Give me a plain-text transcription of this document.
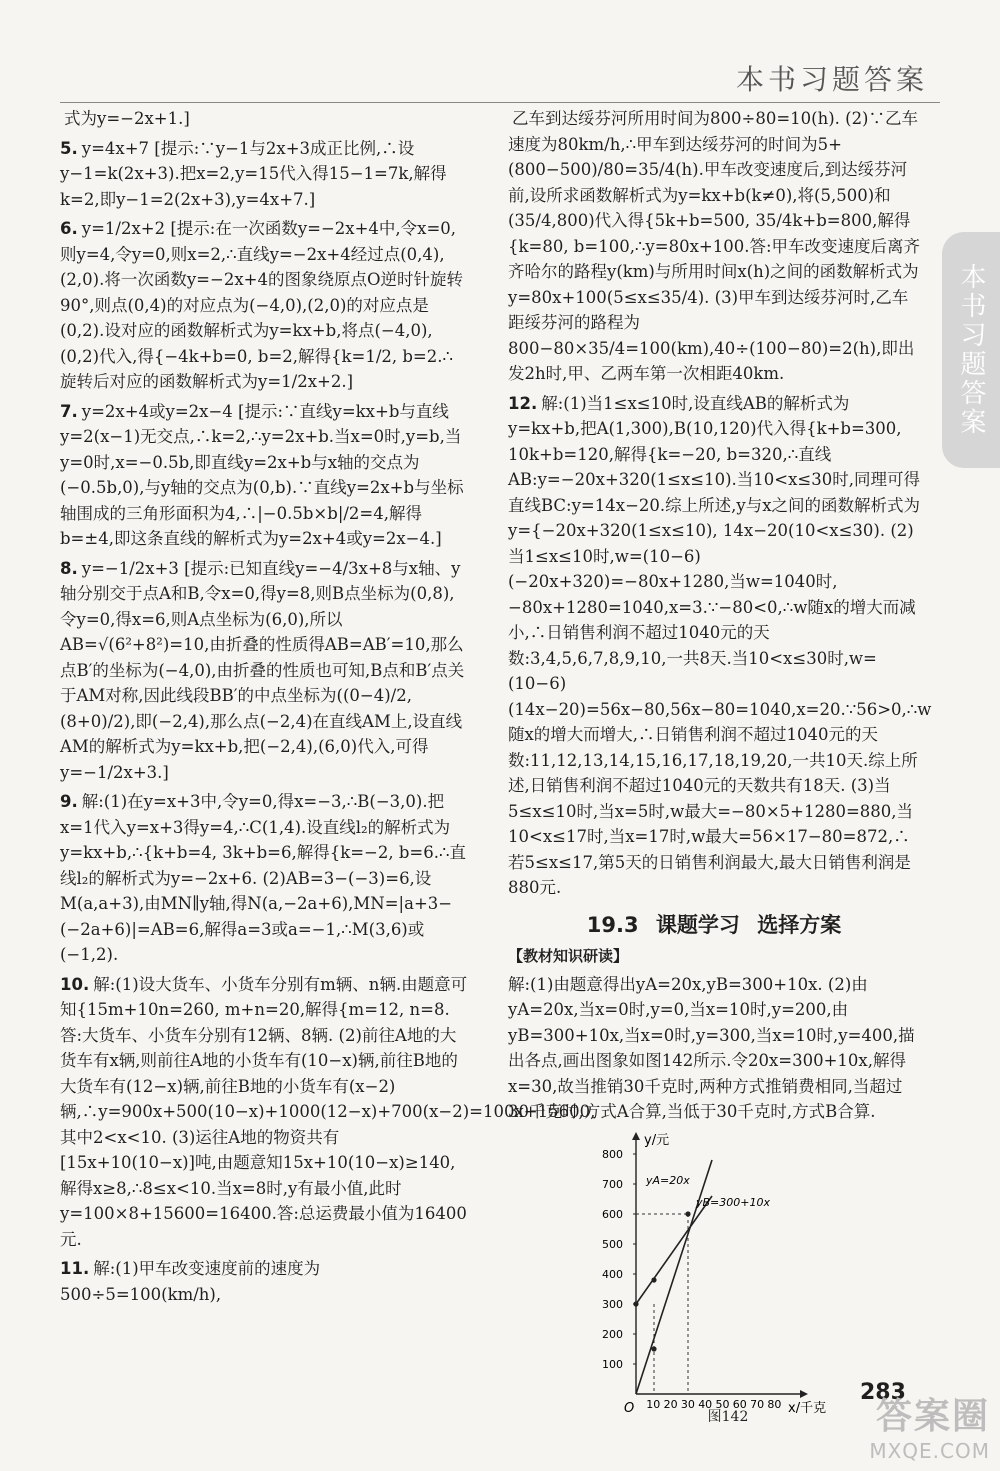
本书习题答案
本书习题答案
式为y=−2x+1.]
5. y=4x+7 [提示:∵y−1与2x+3成正比例,∴设y−1=k(2x+3).把x=2,y=15代入得15−1=7k,解得k=2,即y−1=2(2x+3),y=4x+7.]
6. y=1/2x+2 [提示:在一次函数y=−2x+4中,令x=0,则y=4,令y=0,则x=2,∴直线y=−2x+4经过点(0,4),(2,0).将一次函数y=−2x+4的图象绕原点O逆时针旋转90°,则点(0,4)的对应点为(−4,0),(2,0)的对应点是(0,2).设对应的函数解析式为y=kx+b,将点(−4,0),(0,2)代入,得{−4k+b=0, b=2,解得{k=1/2, b=2.∴旋转后对应的函数解析式为y=1/2x+2.]
7. y=2x+4或y=2x−4 [提示:∵直线y=kx+b与直线y=2(x−1)无交点,∴k=2,∴y=2x+b.当x=0时,y=b,当y=0时,x=−0.5b,即直线y=2x+b与x轴的交点为(−0.5b,0),与y轴的交点为(0,b).∵直线y=2x+b与坐标轴围成的三角形面积为4,∴|−0.5b×b|/2=4,解得b=±4,即这条直线的解析式为y=2x+4或y=2x−4.]
8. y=−1/2x+3 [提示:已知直线y=−4/3x+8与x轴、y轴分别交于点A和B,令x=0,得y=8,则B点坐标为(0,8),令y=0,得x=6,则A点坐标为(6,0),所以AB=√(6²+8²)=10,由折叠的性质得AB=AB′=10,那么点B′的坐标为(−4,0),由折叠的性质也可知,B点和B′点关于AM对称,因此线段BB′的中点坐标为((0−4)/2,(8+0)/2),即(−2,4),那么点(−2,4)在直线AM上,设直线AM的解析式为y=kx+b,把(−2,4),(6,0)代入,可得y=−1/2x+3.]
9. 解:(1)在y=x+3中,令y=0,得x=−3,∴B(−3,0).把x=1代入y=x+3得y=4,∴C(1,4).设直线l₂的解析式为y=kx+b,∴{k+b=4, 3k+b=6,解得{k=−2, b=6.∴直线l₂的解析式为y=−2x+6. (2)AB=3−(−3)=6,设M(a,a+3),由MN∥y轴,得N(a,−2a+6),MN=|a+3−(−2a+6)|=AB=6,解得a=3或a=−1,∴M(3,6)或(−1,2).
10. 解:(1)设大货车、小货车分别有m辆、n辆.由题意可知{15m+10n=260, m+n=20,解得{m=12, n=8.答:大货车、小货车分别有12辆、8辆. (2)前往A地的大货车有x辆,则前往A地的小货车有(10−x)辆,前往B地的大货车有(12−x)辆,前往B地的小货车有(x−2)辆,∴y=900x+500(10−x)+1000(12−x)+700(x−2)=100x+15600,其中2<x<10. (3)运往A地的物资共有[15x+10(10−x)]吨,由题意知15x+10(10−x)≥140,解得x≥8,∴8≤x<10.当x=8时,y有最小值,此时y=100×8+15600=16400.答:总运费最小值为16400元.
11. 解:(1)甲车改变速度前的速度为500÷5=100(km/h),
乙车到达绥芬河所用时间为800÷80=10(h). (2)∵乙车速度为80km/h,∴甲车到达绥芬河的时间为5+(800−500)/80=35/4(h).甲车改变速度后,到达绥芬河前,设所求函数解析式为y=kx+b(k≠0),将(5,500)和(35/4,800)代入得{5k+b=500, 35/4k+b=800,解得{k=80, b=100,∴y=80x+100.答:甲车改变速度后离齐齐哈尔的路程y(km)与所用时间x(h)之间的函数解析式为y=80x+100(5≤x≤35/4). (3)甲车到达绥芬河时,乙车距绥芬河的路程为800−80×35/4=100(km),40÷(100−80)=2(h),即出发2h时,甲、乙两车第一次相距40km.
12. 解:(1)当1≤x≤10时,设直线AB的解析式为y=kx+b,把A(1,300),B(10,120)代入得{k+b=300, 10k+b=120,解得{k=−20, b=320,∴直线AB:y=−20x+320(1≤x≤10).当10<x≤30时,同理可得直线BC:y=14x−20.综上所述,y与x之间的函数解析式为y={−20x+320(1≤x≤10), 14x−20(10<x≤30). (2)当1≤x≤10时,w=(10−6)(−20x+320)=−80x+1280,当w=1040时,−80x+1280=1040,x=3.∵−80<0,∴w随x的增大而减小,∴日销售利润不超过1040元的天数:3,4,5,6,7,8,9,10,一共8天.当10<x≤30时,w=(10−6)(14x−20)=56x−80,56x−80=1040,x=20.∵56>0,∴w随x的增大而增大,∴日销售利润不超过1040元的天数:11,12,13,14,15,16,17,18,19,20,一共10天.综上所述,日销售利润不超过1040元的天数共有18天. (3)当5≤x≤10时,当x=5时,w最大=−80×5+1280=880,当10<x≤17时,当x=17时,w最大=56×17−80=872,∴若5≤x≤17,第5天的日销售利润最大,最大日销售利润是880元.
19.3 课题学习 选择方案
【教材知识研读】
解:(1)由题意得出yA=20x,yB=300+10x. (2)由yA=20x,当x=0时,y=0,当x=10时,y=200,由yB=300+10x,当x=0时,y=300,当x=10时,y=400,描出各点,画出图象如图142所示.令20x=300+10x,解得x=30,故当推销30千克时,两种方式推销费相同,当超过30千克时,方式A合算,当低于30千克时,方式B合算.
y/元
x/千克
O
100
200
300
400
500
600
700
800
10 20 30 40 50 60 70 80
yA=20x
yB=300+10x
图142
283
答案圈
MXQE.COM
